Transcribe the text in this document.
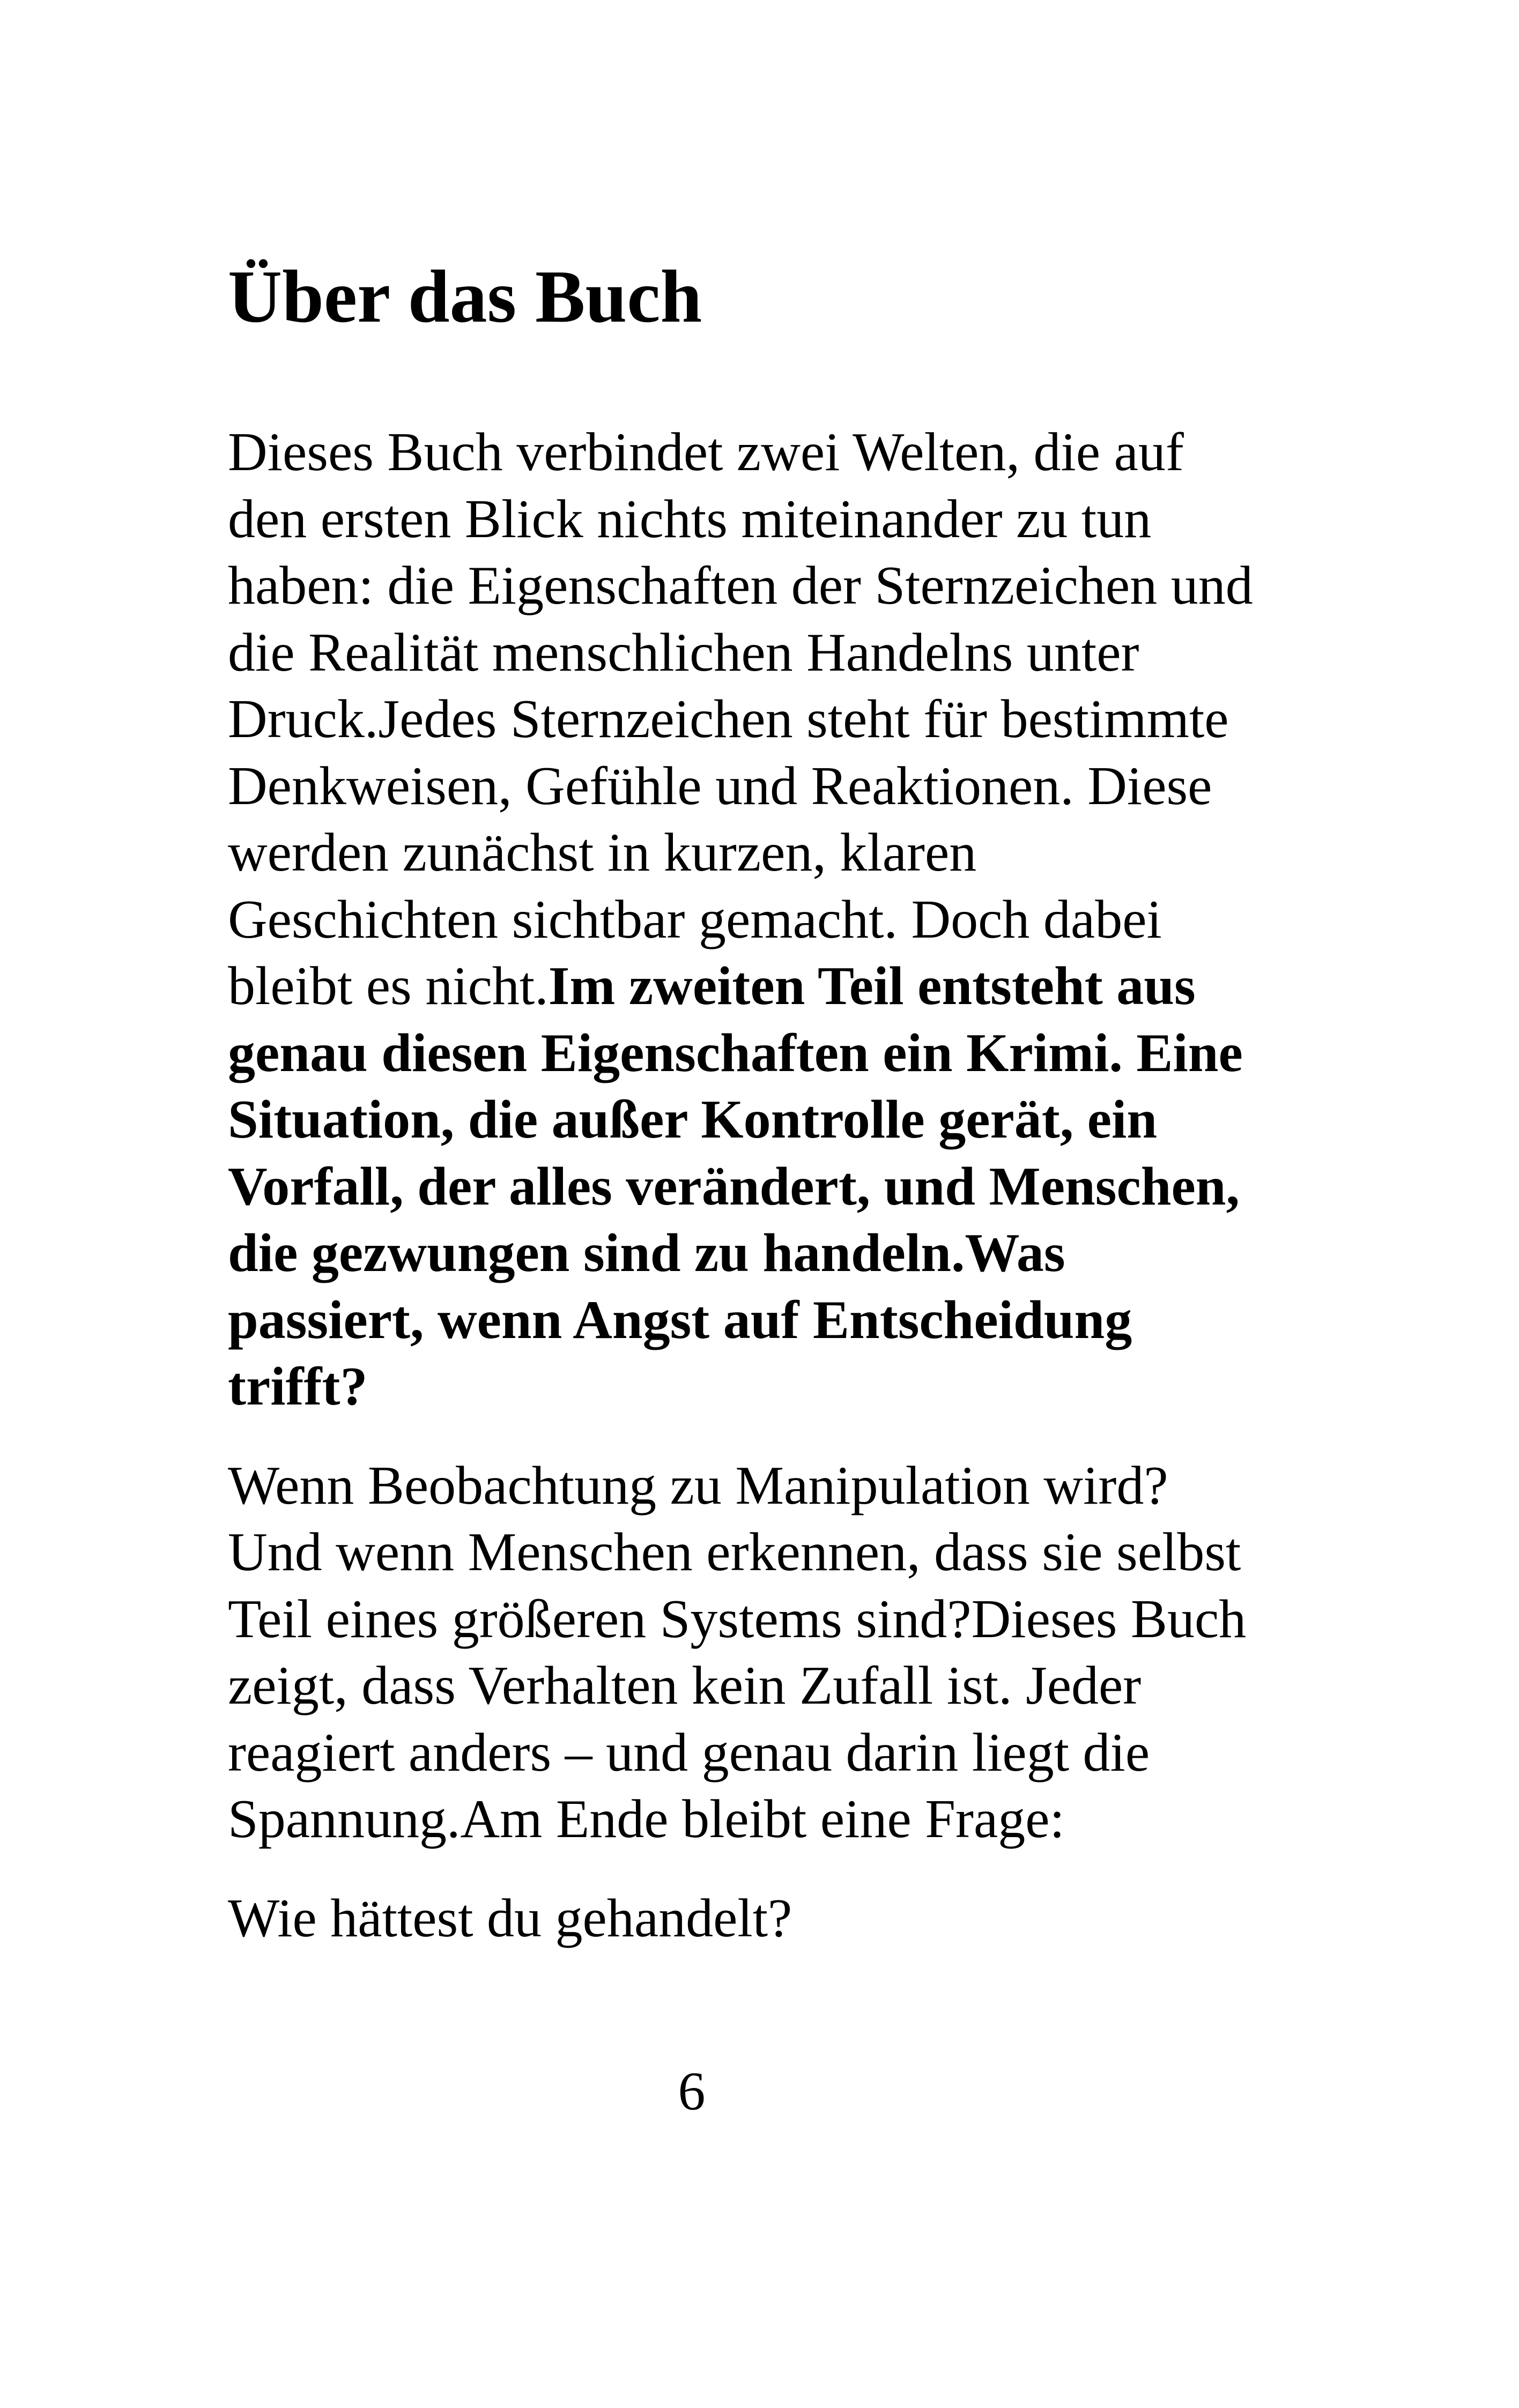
Über das Buch

Dieses Buch verbindet zwei Welten, die auf
den ersten Blick nichts miteinander zu tun
haben: die Eigenschaften der Sternzeichen und
die Realität menschlichen Handelns unter
Druck.Jedes Sternzeichen steht für bestimmte
Denkweisen, Gefühle und Reaktionen. Diese
werden zunächst in kurzen, klaren
Geschichten sichtbar gemacht. Doch dabei
bleibt es nicht.Im zweiten Teil entsteht aus
genau diesen Eigenschaften ein Krimi. Eine
Situation, die außer Kontrolle gerät, ein
Vorfall, der alles verändert, und Menschen,
die gezwungen sind zu handeln.Was
passiert, wenn Angst auf Entscheidung
trifft?

Wenn Beobachtung zu Manipulation wird?
Und wenn Menschen erkennen, dass sie selbst
Teil eines größeren Systems sind?Dieses Buch
zeigt, dass Verhalten kein Zufall ist. Jeder
reagiert anders – und genau darin liegt die
Spannung.Am Ende bleibt eine Frage:

Wie hättest du gehandelt?

6
